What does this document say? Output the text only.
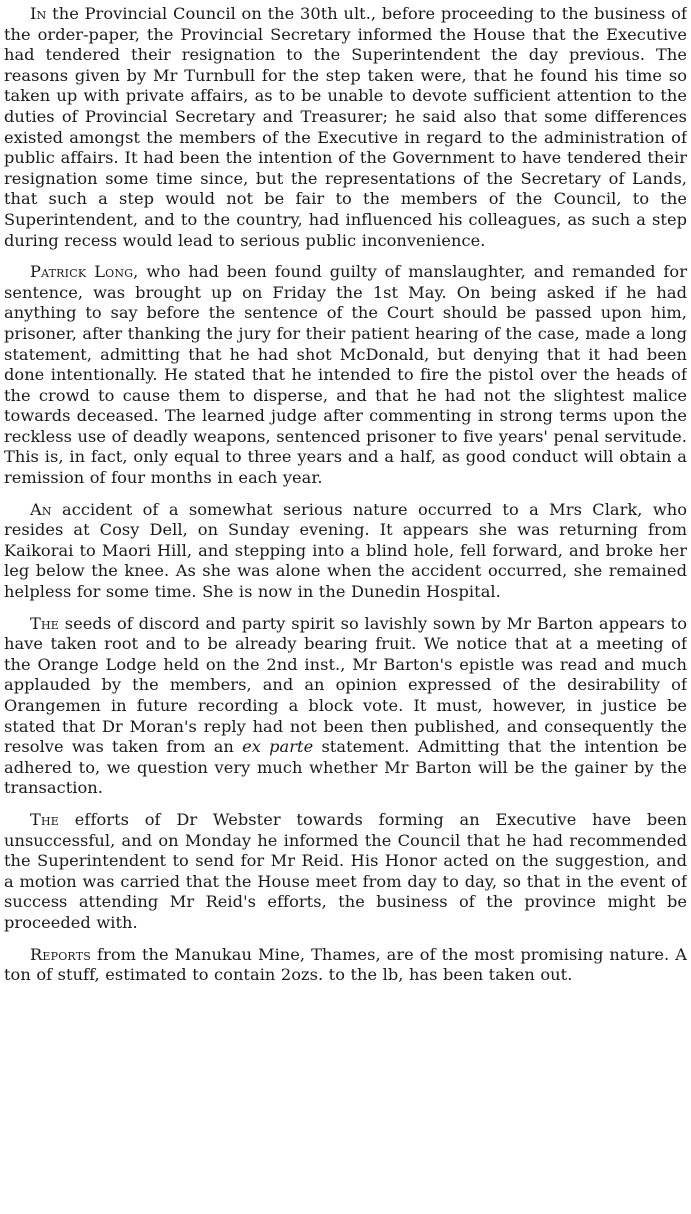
In the Provincial Council on the 30th ult., before proceeding to the business of the order-paper, the Provincial Secretary informed the House that the Executive had tendered their resignation to the Superintendent the day previous. The reasons given by Mr Turnbull for the step taken were, that he found his time so taken up with private affairs, as to be unable to devote sufficient attention to the duties of Provincial Secretary and Treasurer; he said also that some differences existed amongst the members of the Executive in regard to the administration of public affairs. It had been the intention of the Government to have tendered their resignation some time since, but the representations of the Secretary of Lands, that such a step would not be fair to the members of the Council, to the Superintendent, and to the country, had influenced his colleagues, as such a step during recess would lead to serious public inconvenience.

Patrick Long, who had been found guilty of manslaughter, and remanded for sentence, was brought up on Friday the 1st May. On being asked if he had anything to say before the sentence of the Court should be passed upon him, prisoner, after thanking the jury for their patient hearing of the case, made a long statement, admitting that he had shot McDonald, but denying that it had been done intentionally. He stated that he intended to fire the pistol over the heads of the crowd to cause them to disperse, and that he had not the slightest malice towards deceased. The learned judge after commenting in strong terms upon the reckless use of deadly weapons, sentenced prisoner to five years' penal servitude. This is, in fact, only equal to three years and a half, as good conduct will obtain a remission of four months in each year.

An accident of a somewhat serious nature occurred to a Mrs Clark, who resides at Cosy Dell, on Sunday evening. It appears she was returning from Kaikorai to Maori Hill, and stepping into a blind hole, fell forward, and broke her leg below the knee. As she was alone when the accident occurred, she remained helpless for some time. She is now in the Dunedin Hospital.

The seeds of discord and party spirit so lavishly sown by Mr Barton appears to have taken root and to be already bearing fruit. We notice that at a meeting of the Orange Lodge held on the 2nd inst., Mr Barton's epistle was read and much applauded by the members, and an opinion expressed of the desirability of Orangemen in future recording a block vote. It must, however, in justice be stated that Dr Moran's reply had not been then published, and consequently the resolve was taken from an ex parte statement. Admitting that the intention be adhered to, we question very much whether Mr Barton will be the gainer by the transaction.

The efforts of Dr Webster towards forming an Executive have been unsuccessful, and on Monday he informed the Council that he had recommended the Superintendent to send for Mr Reid. His Honor acted on the suggestion, and a motion was carried that the House meet from day to day, so that in the event of success attending Mr Reid's efforts, the business of the province might be proceeded with.

Reports from the Manukau Mine, Thames, are of the most promising nature. A ton of stuff, estimated to contain 2ozs. to the lb, has been taken out.
